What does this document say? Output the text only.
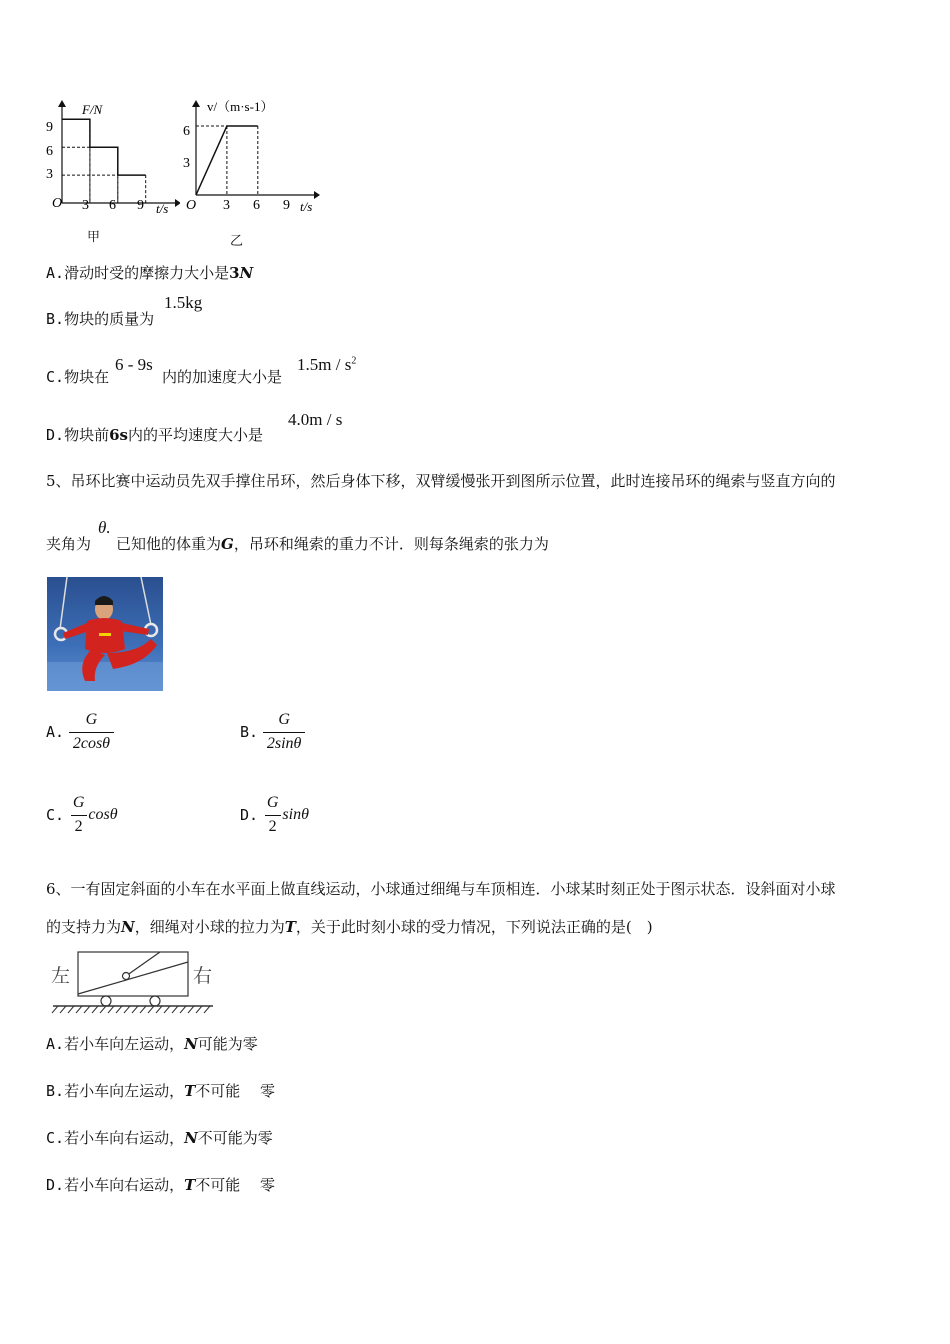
F/N
9
6
3
O 3 6 9 t/s
甲
v/（m·s-1）
6
3
O 3 6 9 t/s
乙
A.滑动时受的摩擦力大小是3N
B.物块的质量为
1.5kg
C.物块在
6 - 9s
内的加速度大小是
$1.5m / s^2$
D.物块前6s内的平均速度大小是
4.0m / s
5、吊环比赛中运动员先双手撑住吊环，然后身体下移，双臂缓慢张开到图所示位置，此时连接吊环的绳索与竖直方向的
夹角为
θ.
已知他的体重为G，吊环和绳索的重力不计．则每条绳索的张力为
A. $\frac{G}{2\cos\theta}$	B. $\frac{G}{2\sin\theta}$
C. $\frac{G}{2}$ cosθ	D. $\frac{G}{2}$ sinθ
6、一有固定斜面的小车在水平面上做直线运动，小球通过细绳与车顶相连．小球某时刻正处于图示状态．设斜面对小球
的支持力为N，细绳对小球的拉力为T，关于此时刻小球的受力情况，下列说法正确的是(　)
左	右
A.若小车向左运动，N可能为零
B.若小车向左运动，T不可能　 零
C.若小车向右运动，N不可能为零
D.若小车向右运动，T不可能　 零
